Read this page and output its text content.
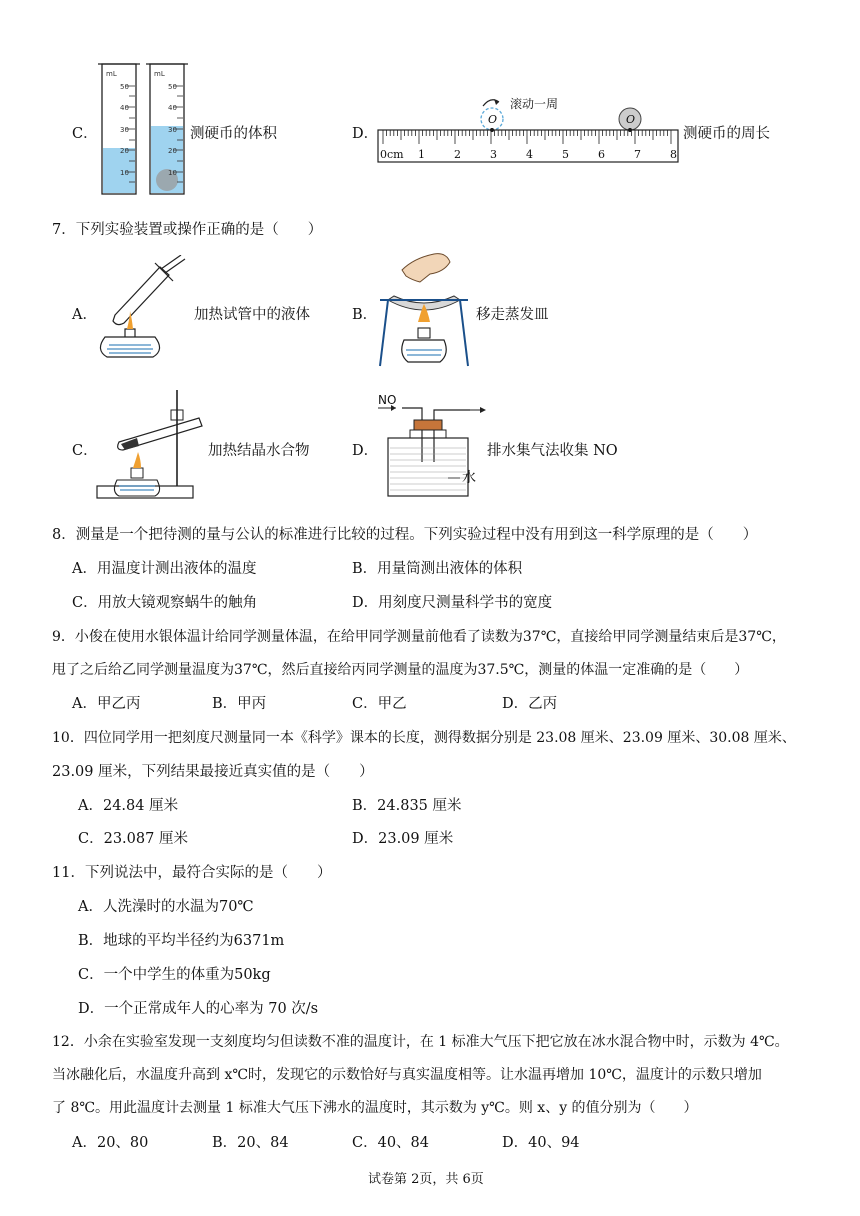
C．
mL
50
40
30
20
10
mL
50
40
30
20
10
测硬币的体积	D．
滚动一周
O	O
0cm 1	2	3	4	5	6	7	8
测硬币的周长
7．下列实验装置或操作正确的是（　　）
A．	加热试管中的液体	B．	移走蒸发皿
C．	加热结晶水合物	D．
NO
水
排水集气法收集 NO
8．测量是一个把待测的量与公认的标准进行比较的过程。下列实验过程中没有用到这一科学原理的是（　　）
A．用温度计测出液体的温度	B．用量筒测出液体的体积
C．用放大镜观察蜗牛的触角	D．用刻度尺测量科学书的宽度
9．小俊在使用水银体温计给同学测量体温，在给甲同学测量前他看了读数为37℃，直接给甲同学测量结束后是37℃，
甩了之后给乙同学测量温度为37℃，然后直接给丙同学测量的温度为37.5℃，测量的体温一定准确的是（　　）
A．甲乙丙	B．甲丙	C．甲乙	D．乙丙
10．四位同学用一把刻度尺测量同一本《科学》课本的长度，测得数据分别是 23.08 厘米、23.09 厘米、30.08 厘米、
23.09 厘米，下列结果最接近真实值的是（　　）
A．24.84 厘米	B．24.835 厘米
C．23.087 厘米	D．23.09 厘米
11．下列说法中，最符合实际的是（　　）
A．人洗澡时的水温为70℃
B．地球的平均半径约为6371m
C．一个中学生的体重为50kg
D．一个正常成年人的心率为 70 次/s
12．小余在实验室发现一支刻度均匀但读数不准的温度计，在 1 标准大气压下把它放在冰水混合物中时，示数为 4℃。
当冰融化后，水温度升高到 x℃时，发现它的示数恰好与真实温度相等。让水温再增加 10℃，温度计的示数只增加
了 8℃。用此温度计去测量 1 标准大气压下沸水的温度时，其示数为 y℃。则 x、y 的值分别为（　　）
A．20、80	B．20、84	C．40、84	D．40、94
试卷第 2页，共 6页
